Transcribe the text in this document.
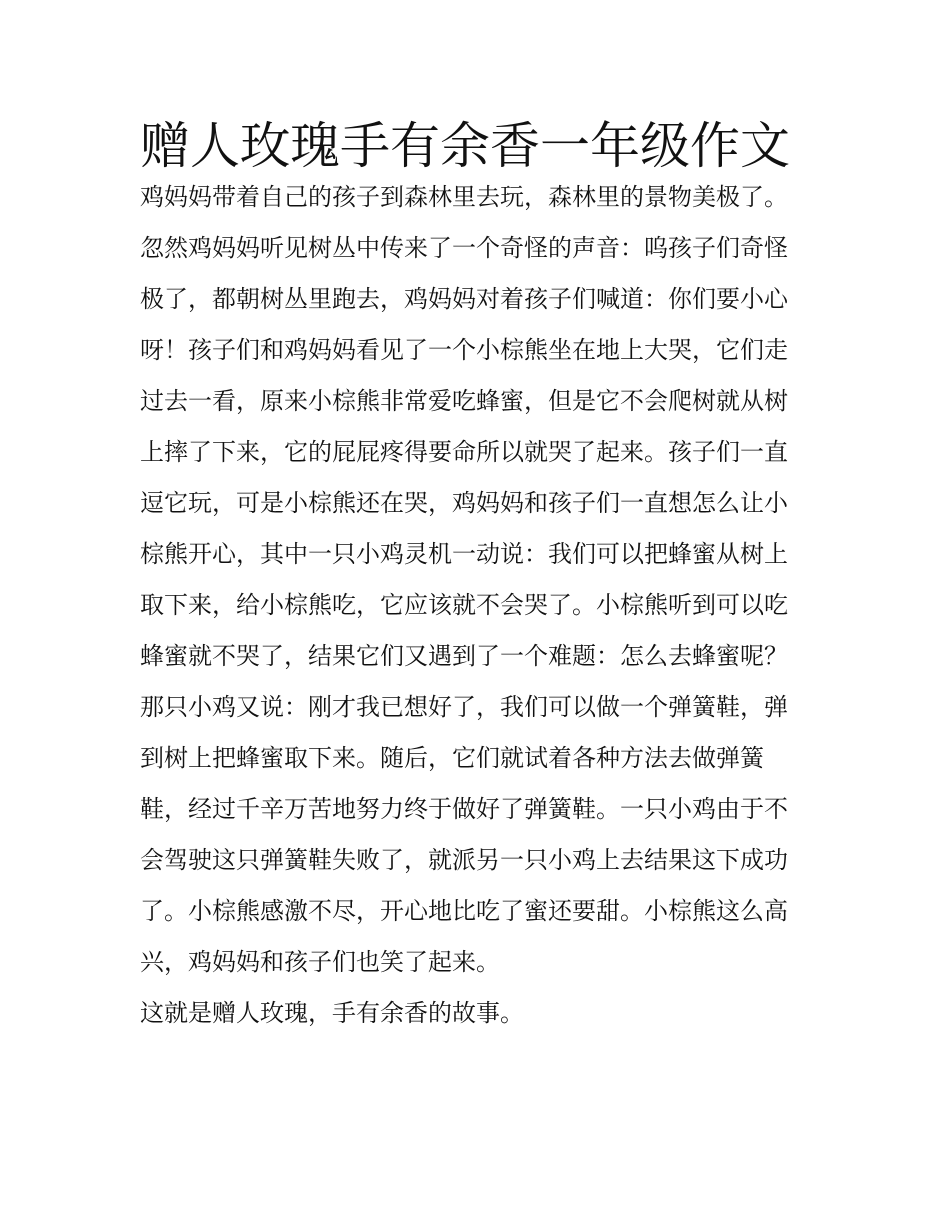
赠人玫瑰手有余香一年级作文
鸡妈妈带着自己的孩子到森林里去玩，森林里的景物美极了。
忽然鸡妈妈听见树丛中传来了一个奇怪的声音：呜孩子们奇怪
极了，都朝树丛里跑去，鸡妈妈对着孩子们喊道：你们要小心
呀！孩子们和鸡妈妈看见了一个小棕熊坐在地上大哭，它们走
过去一看，原来小棕熊非常爱吃蜂蜜，但是它不会爬树就从树
上摔了下来，它的屁屁疼得要命所以就哭了起来。孩子们一直
逗它玩，可是小棕熊还在哭，鸡妈妈和孩子们一直想怎么让小
棕熊开心，其中一只小鸡灵机一动说：我们可以把蜂蜜从树上
取下来，给小棕熊吃，它应该就不会哭了。小棕熊听到可以吃
蜂蜜就不哭了，结果它们又遇到了一个难题：怎么去蜂蜜呢？
那只小鸡又说：刚才我已想好了，我们可以做一个弹簧鞋，弹
到树上把蜂蜜取下来。随后，它们就试着各种方法去做弹簧
鞋，经过千辛万苦地努力终于做好了弹簧鞋。一只小鸡由于不
会驾驶这只弹簧鞋失败了，就派另一只小鸡上去结果这下成功
了。小棕熊感激不尽，开心地比吃了蜜还要甜。小棕熊这么高
兴，鸡妈妈和孩子们也笑了起来。
这就是赠人玫瑰，手有余香的故事。
